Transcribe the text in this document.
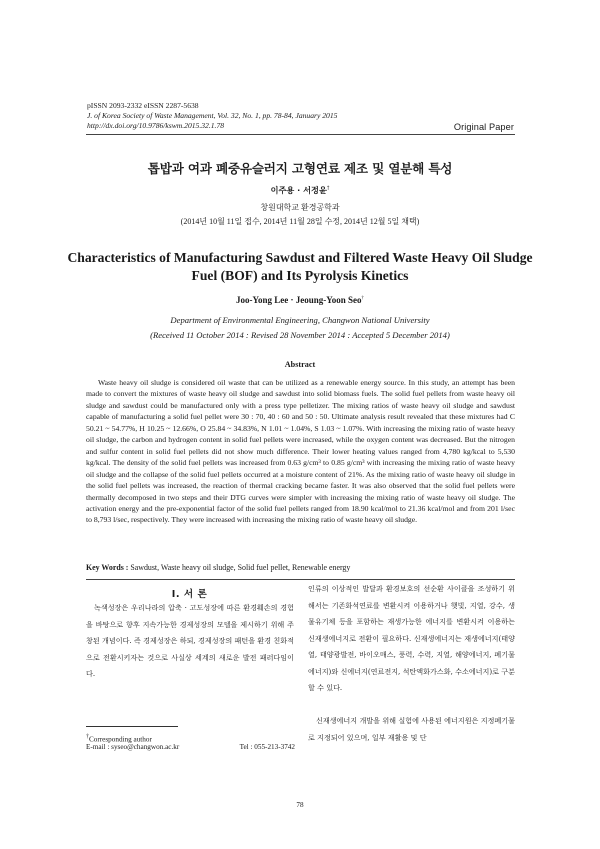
pISSN 2093-2332 eISSN 2287-5638
J. of Korea Society of Waste Management, Vol. 32, No. 1, pp. 78-84, January 2015
http://dx.doi.org/10.9786/kswm.2015.32.1.78	Original Paper
톱밥과 여과 폐중유슬러지 고형연료 제조 및 열분해 특성
이주용 · 서정윤†
창원대학교 환경공학과
(2014년 10월 11일 접수, 2014년 11월 28일 수정, 2014년 12월 5일 채택)
Characteristics of Manufacturing Sawdust and Filtered Waste Heavy Oil Sludge Fuel (BOF) and Its Pyrolysis Kinetics
Joo-Yong Lee · Jeoung-Yoon Seo†
Department of Environmental Engineering, Changwon National University
(Received 11 October 2014 : Revised 28 November 2014 : Accepted 5 December 2014)
Abstract

Waste heavy oil sludge is considered oil waste that can be utilized as a renewable energy source. In this study, an attempt has been made to convert the mixtures of waste heavy oil sludge and sawdust into solid biomass fuels. The solid fuel pellets from waste heavy oil sludge and sawdust could be manufactured only with a press type pelletizer. The mixing ratios of waste heavy oil sludge and sawdust capable of manufacturing a solid fuel pellet were 30 : 70, 40 : 60 and 50 : 50. Ultimate analysis result revealed that these mixtures had C 50.21 ~ 54.77%, H 10.25 ~ 12.66%, O 25.84 ~ 34.83%, N 1.01 ~ 1.04%, S 1.03 ~ 1.07%. With increasing the mixing ratio of waste heavy oil sludge, the carbon and hydrogen content in solid fuel pellets were increased, while the oxygen content was decreased. But the nitrogen and sulfur content in solid fuel pellets did not show much difference. Their lower heating values ranged from 4,780 kg/kcal to 5,530 kg/kcal. The density of the solid fuel pellets was increased from 0.63 g/cm³ to 0.85 g/cm³ with increasing the mixing ratio of waste heavy oil sludge and the collapse of the solid fuel pellets occurred at a moisture content of 21%. As the mixing ratio of waste heavy oil sludge in the solid fuel pellets was increased, the reaction of thermal cracking became faster. It was also observed that the solid fuel pellets were thermally decomposed in two steps and their DTG curves were simpler with increasing the mixing ratio of waste heavy oil sludge. The activation energy and the pre-exponential factor of the solid fuel pellets ranged from 18.90 kcal/mol to 21.36 kcal/mol and from 201 l/sec to 8,793 l/sec, respectively. They were increased with increasing the mixing ratio of waste heavy oil sludge.

Key Words : Sawdust, Waste heavy oil sludge, Solid fuel pellet, Renewable energy
I. 서 론

녹색성장은 우리나라의 압축 · 고도성장에 따른 환경훼손의 경험을 바탕으로 향후 지속가능한 경제성장의 모델을 제시하기 위해 주창된 개념이다. 즉 경제성장은 하되, 경제성장의 패턴을 환경 친화적으로 전환시키자는 것으로 사실상 세계의 새로운 발전 패러다임이다.

인류의 이상적인 발달과 환경보호의 선순환 사이클을 조성하기 위해서는 기존화석연료를 변환시켜 이용하거나 햇빛, 지열, 강수, 생물유기체 등을 포함하는 재생가능한 에너지를 변환시켜 이용하는 신재생에너지로 전환이 필요하다. 신재생에너지는 재생에너지(태양열, 태양광발전, 바이오매스, 풍력, 수력, 지열, 해양에너지, 폐기물에너지)와 신에너지(연료전지, 석탄액화가스화, 수소에너지)로 구분할 수 있다.

신재생에너지 개발을 위해 실험에 사용된 에너지원은 지정폐기물로 지정되어 있으며, 일부 재활용 및 단

†Corresponding author
E-mail : syseo@changwon.ac.kr	Tel : 055-213-3742
78
